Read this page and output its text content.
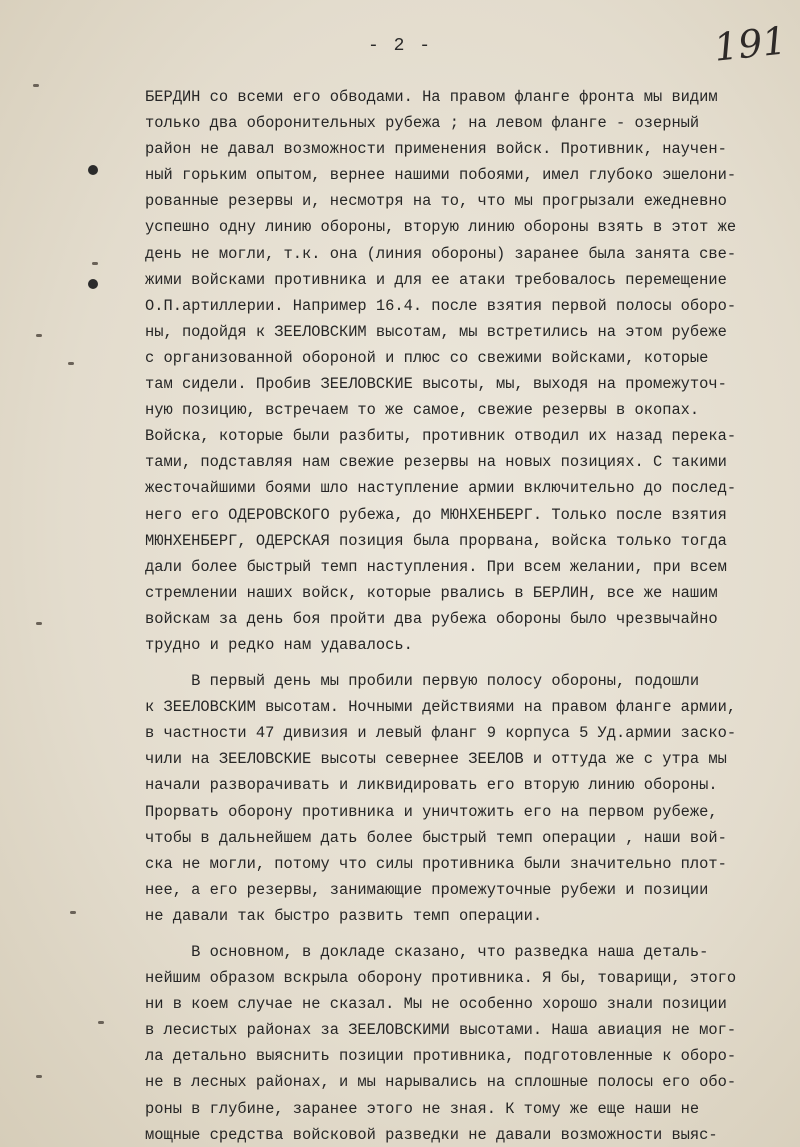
- 2 -	191
БЕРДИН со всеми его обводами. На правом фланге фронта мы видим
только два оборонительных рубежа ; на левом фланге - озерный
район не давал возможности применения войск. Противник, научен-
ный горьким опытом, вернее нашими побоями, имел глубоко эшелони-
рованные резервы и, несмотря на то, что мы прогрызали ежедневно
успешно одну линию обороны, вторую линию обороны взять в этот же
день не могли, т.к. она (линия обороны) заранее была занята све-
жими войсками противника и для ее атаки требовалось перемещение
О.П.артиллерии. Например 16.4. после взятия первой полосы оборо-
ны, подойдя к ЗЕЕЛОВСКИМ высотам, мы встретились на этом рубеже
с организованной обороной и плюс со свежими войсками, которые
там сидели. Пробив ЗЕЕЛОВСКИЕ высоты, мы, выходя на промежуточ-
ную позицию, встречаем то же самое, свежие резервы в окопах.
Войска, которые были разбиты, противник отводил их назад перека-
тами, подставляя нам свежие резервы на новых позициях. С такими
жесточайшими боями шло наступление армии включительно до послед-
него его ОДЕРОВСКОГО рубежа, до МЮНХЕНБЕРГ. Только после взятия
МЮНХЕНБЕРГ, ОДЕРСКАЯ позиция была прорвана, войска только тогда
дали более быстрый темп наступления. При всем желании, при всем
стремлении наших войск, которые рвались в БЕРЛИН, все же нашим
войскам за день боя пройти два рубежа обороны было чрезвычайно
трудно и редко нам удавалось.
В первый день мы пробили первую полосу обороны, подошли
к ЗЕЕЛОВСКИМ высотам. Ночными действиями на правом фланге армии,
в частности 47 дивизия и левый фланг 9 корпуса 5 Уд.армии заско-
чили на ЗЕЕЛОВСКИЕ высоты севернее ЗЕЕЛОВ и оттуда же с утра мы
начали разворачивать и ликвидировать его вторую линию обороны.
Прорвать оборону противника и уничтожить его на первом рубеже,
чтобы в дальнейшем дать более быстрый темп операции , наши вой-
ска не могли, потому что силы противника были значительно плот-
нее, а его резервы, занимающие промежуточные рубежи и позиции
не давали так быстро развить темп операции.
В основном, в докладе сказано, что разведка наша деталь-
нейшим образом вскрыла оборону противника. Я бы, товарищи, этого
ни в коем случае не сказал. Мы не особенно хорошо знали позиции
в лесистых районах за ЗЕЕЛОВСКИМИ высотами. Наша авиация не мог-
ла детально выяснить позиции противника, подготовленные к оборо-
не в лесных районах, и мы нарывались на сплошные полосы его обо-
роны в глубине, заранее этого не зная. К тому же еще наши не
мощные средства войсковой разведки не давали возможности выяс-
